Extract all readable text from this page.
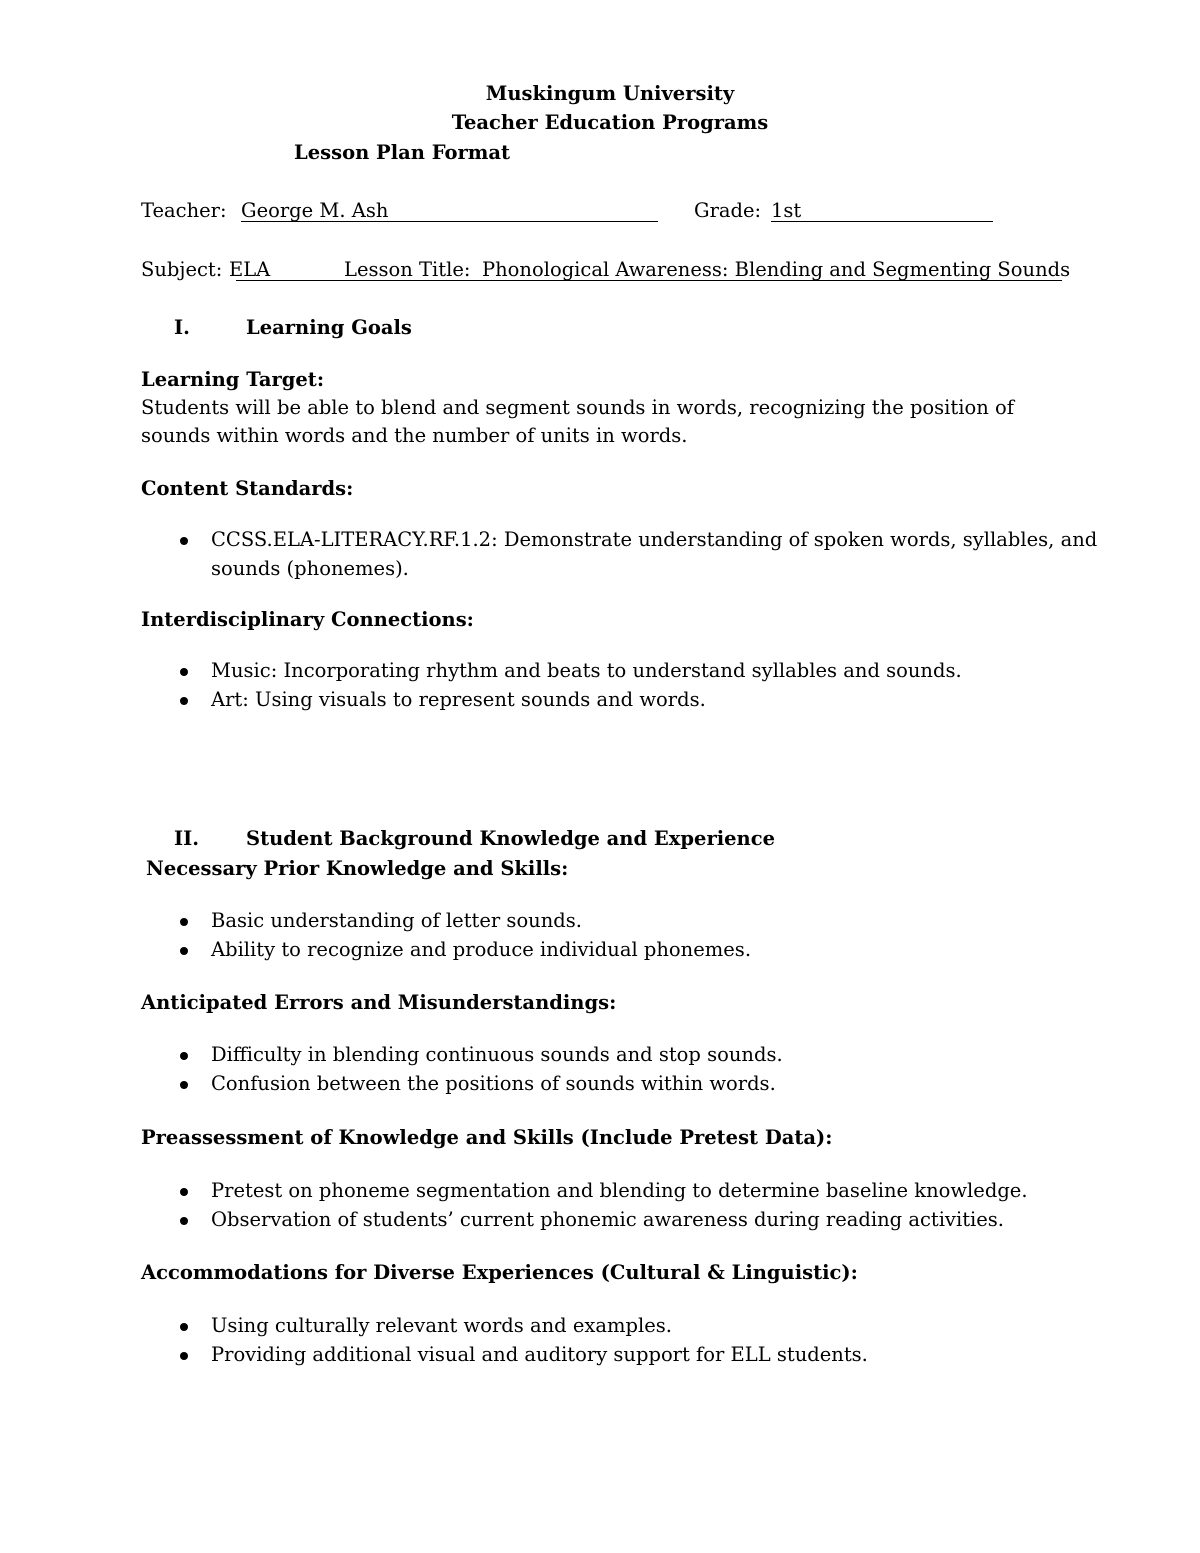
Muskingum University
Teacher Education Programs
Lesson Plan Format
Teacher: George M. Ash	Grade: 1st
Subject: ELA	Lesson Title: Phonological Awareness: Blending and Segmenting Sounds
I.	Learning Goals
Learning Target:
Students will be able to blend and segment sounds in words, recognizing the position of sounds within words and the number of units in words.
Content Standards:
CCSS.ELA-LITERACY.RF.1.2: Demonstrate understanding of spoken words, syllables, and sounds (phonemes).
Interdisciplinary Connections:
Music: Incorporating rhythm and beats to understand syllables and sounds.
Art: Using visuals to represent sounds and words.
II. Student Background Knowledge and Experience
Necessary Prior Knowledge and Skills:
Basic understanding of letter sounds.
Ability to recognize and produce individual phonemes.
Anticipated Errors and Misunderstandings:
Difficulty in blending continuous sounds and stop sounds.
Confusion between the positions of sounds within words.
Preassessment of Knowledge and Skills (Include Pretest Data):
Pretest on phoneme segmentation and blending to determine baseline knowledge.
Observation of students’ current phonemic awareness during reading activities.
Accommodations for Diverse Experiences (Cultural & Linguistic):
Using culturally relevant words and examples.
Providing additional visual and auditory support for ELL students.
